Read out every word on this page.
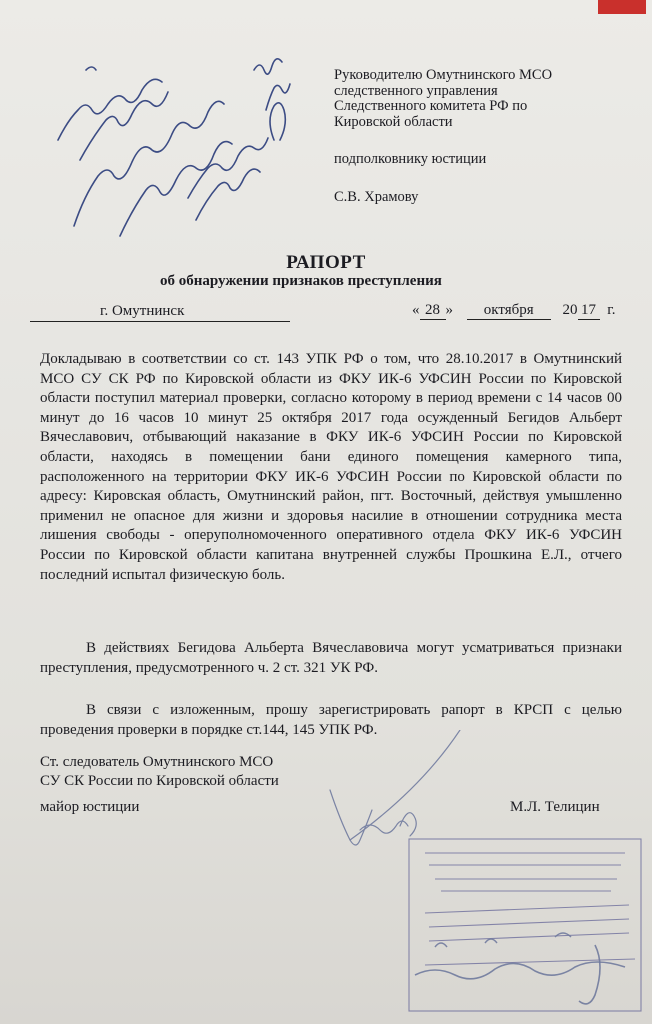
Руководителю Омутнинского МСО
следственного управления
Следственного комитета РФ по
Кировской области
подполковнику юстиции
С.В. Храмову
РАПОРТ
об обнаружении признаков преступления
г. Омутнинск	« 28 » октября 20 17 г.

Докладываю в соответствии со ст. 143 УПК РФ о том, что 28.10.2017 в Омутнинский МСО СУ СК РФ по Кировской области из ФКУ ИК-6 УФСИН России по Кировской области поступил материал проверки, согласно которому в период времени с 14 часов 00 минут до 16 часов 10 минут 25 октября 2017 года осужденный Бегидов Альберт Вячеславович, отбывающий наказание в ФКУ ИК-6 УФСИН России по Кировской области, находясь в помещении бани единого помещения камерного типа, расположенного на территории ФКУ ИК-6 УФСИН России по Кировской области по адресу: Кировская область, Омутнинский район, пгт. Восточный, действуя умышленно применил не опасное для жизни и здоровья насилие в отношении сотрудника места лишения свободы - оперуполномоченного оперативного отдела ФКУ ИК-6 УФСИН России по Кировской области капитана внутренней службы Прошкина Е.Л., отчего последний испытал физическую боль.

В действиях Бегидова Альберта Вячеславовича могут усматриваться признаки преступления, предусмотренного ч. 2 ст. 321 УК РФ.

В связи с изложенным, прошу зарегистрировать рапорт в КРСП с целью проведения проверки в порядке ст.144, 145 УПК РФ.

Ст. следователь Омутнинского МСО
СУ СК России по Кировской области
майор юстиции	М.Л. Телицин
